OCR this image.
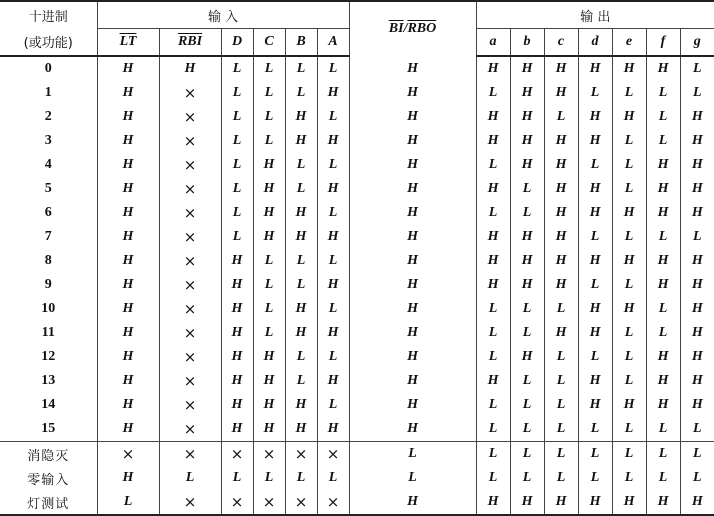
十进制	输 入						$\overline{BI}/\overline{RBO}$	输 出						
(或功能)	$\overline{LT}$	$\overline{RBI}$	D	C	B	A		a	b	c	d	e	f	g
0	H	H	L	L	L	L	H	H	H	H	H	H	H	L
1	H	×	L	L	L	H	H	L	H	H	L	L	L	L
2	H	×	L	L	H	L	H	H	H	L	H	H	L	H
3	H	×	L	L	H	H	H	H	H	H	H	L	L	H
4	H	×	L	H	L	L	H	L	H	H	L	L	H	H
5	H	×	L	H	L	H	H	H	L	H	H	L	H	H
6	H	×	L	H	H	L	H	L	L	H	H	H	H	H
7	H	×	L	H	H	H	H	H	H	H	L	L	L	L
8	H	×	H	L	L	L	H	H	H	H	H	H	H	H
9	H	×	H	L	L	H	H	H	H	H	L	L	H	H
10	H	×	H	L	H	L	H	L	L	L	H	H	L	H
11	H	×	H	L	H	H	H	L	L	H	H	L	L	H
12	H	×	H	H	L	L	H	L	H	L	L	L	H	H
13	H	×	H	H	L	H	H	H	L	L	H	L	H	H
14	H	×	H	H	H	L	H	L	L	L	H	H	H	H
15	H	×	H	H	H	H	H	L	L	L	L	L	L	L
消隐灭	×	×	×	×	×	×	L	L	L	L	L	L	L	L
零输入	H	L	L	L	L	L	L	L	L	L	L	L	L	L
灯测试	L	×	×	×	×	×	H	H	H	H	H	H	H	H
